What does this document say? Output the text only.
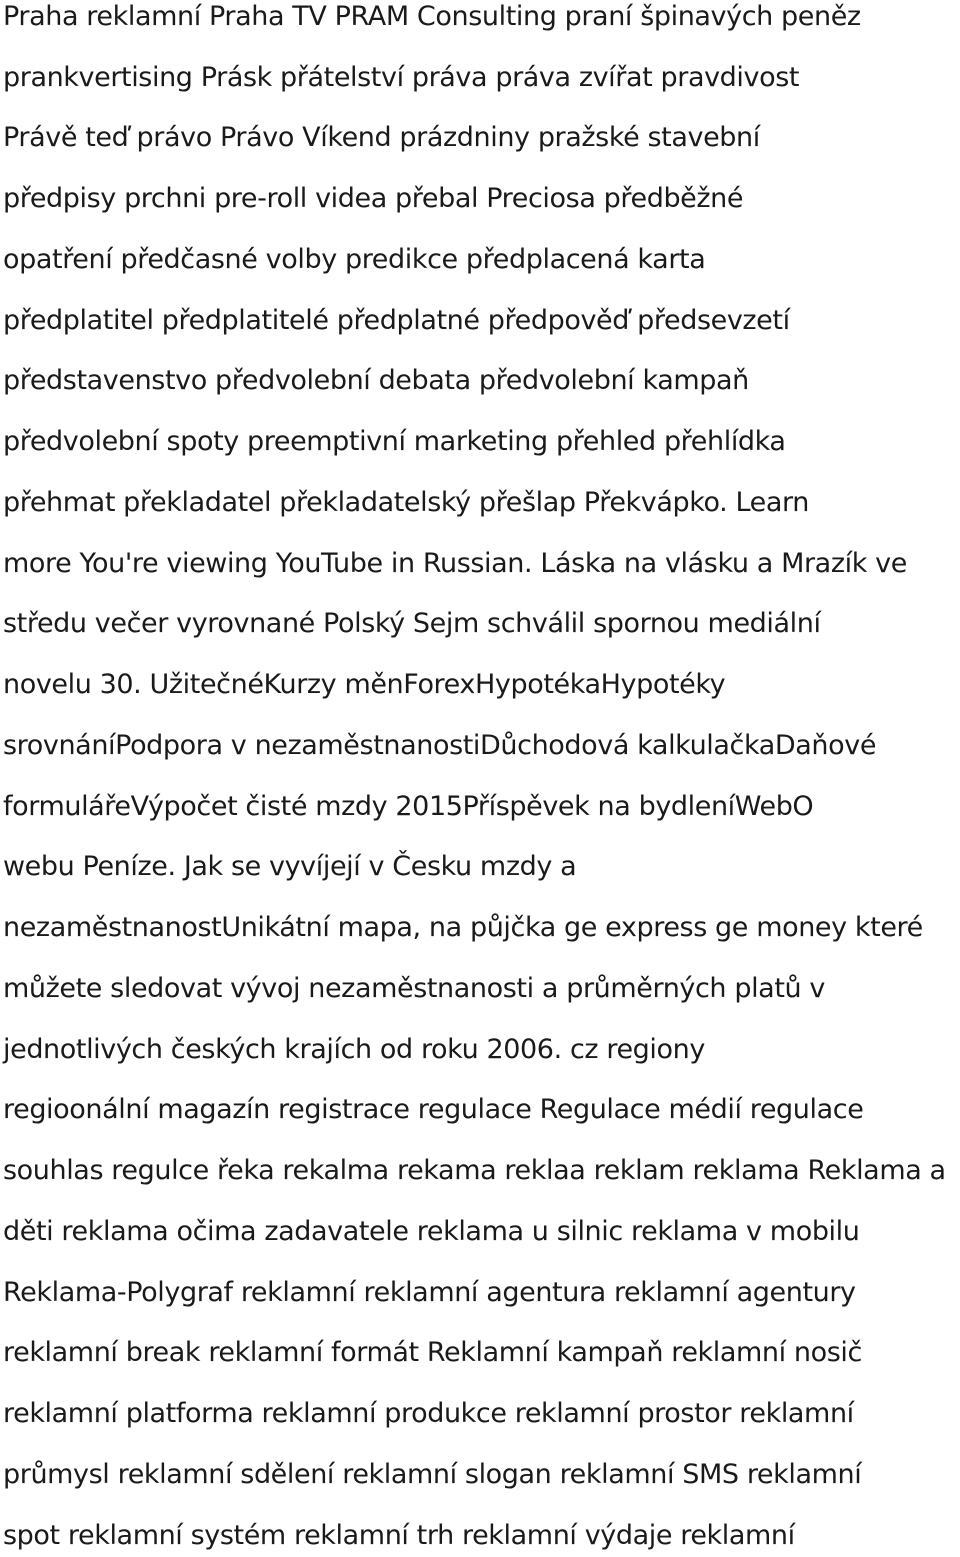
Praha reklamní Praha TV PRAM Consulting praní špinavých peněz
prankvertising Prásk přátelství práva práva zvířat pravdivost
Právě teď právo Právo Víkend prázdniny pražské stavební
předpisy prchni pre-roll videa přebal Preciosa předběžné
opatření předčasné volby predikce předplacená karta
předplatitel předplatitelé předplatné předpověď předsevzetí
představenstvo předvolební debata předvolební kampaň
předvolební spoty preemptivní marketing přehled přehlídka
přehmat překladatel překladatelský přešlap Překvápko. Learn
more You're viewing YouTube in Russian. Láska na vlásku a Mrazík ve
středu večer vyrovnané Polský Sejm schválil spornou mediální
novelu 30. UžitečnéKurzy měnForexHypotékaHypotéky
srovnáníPodpora v nezaměstnanostiDůchodová kalkulačkaDaňové
formulářeVýpočet čisté mzdy 2015Příspěvek na bydleníWebO
webu Peníze. Jak se vyvíjejí v Česku mzdy a
nezaměstnanostUnikátní mapa, na půjčka ge express ge money které
můžete sledovat vývoj nezaměstnanosti a průměrných platů v
jednotlivých českých krajích od roku 2006. cz regiony
regioonální magazín registrace regulace Regulace médií regulace
souhlas regulce řeka rekalma rekama reklaa reklam reklama Reklama a
děti reklama očima zadavatele reklama u silnic reklama v mobilu
Reklama-Polygraf reklamní reklamní agentura reklamní agentury
reklamní break reklamní formát Reklamní kampaň reklamní nosič
reklamní platforma reklamní produkce reklamní prostor reklamní
průmysl reklamní sdělení reklamní slogan reklamní SMS reklamní
spot reklamní systém reklamní trh reklamní výdaje reklamní
